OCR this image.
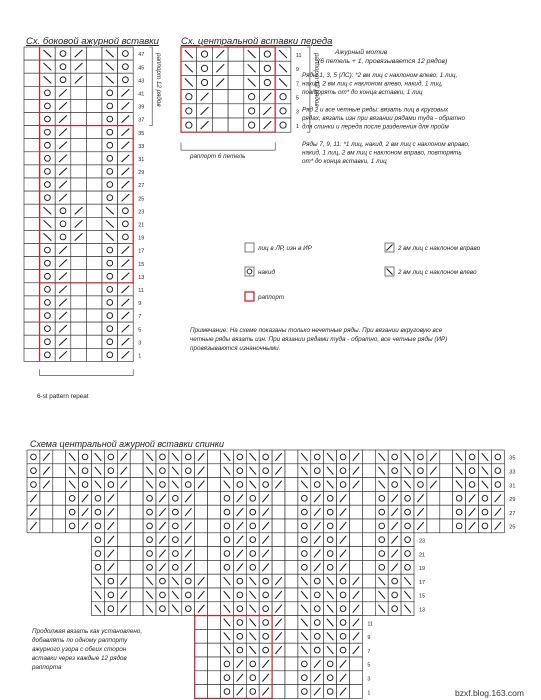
Сх. боковой ажурной вставки Сх. центральной вставки переда
6-st pattern repeat
раппорт 6 петель
Схема центральной ажурной вставки спинки
Ажурный мотив
(6 петель + 1, провязывается 12 рядов)
Ряды 1, 3, 5 (ЛС): *2 вм лиц с наклоном влево, 1 лиц,
накид, 2 вм лиц с наклоном влево, накид, 1 лиц,
повторять от* до конца вставки, 1 лиц
Ряд 2 и все четные ряды: вязать лиц в круговых
рядах, вязать изн при вязании рядами туда - обратно
для спинки и переда после разделения для пройм
Ряды 7, 9, 11: *1 лиц, накид, 2 вм лиц с наклоном вправо,
накид, 1 лиц, 2 вм лиц с наклоном вправо, повторять
от* до конца вставки, 1 лиц
лиц в ЛР, изн в ИР
накид
раппорт
2 вм лиц с наклоном вправо
2 вм лиц с наклоном влево
Примечание: На схеме показаны только нечетные ряды. При вязании вкруговую все
четные ряды вязать изн. При вязании рядами туда - обратно, все четные ряды (ИР)
провязываются изнаночными.
Продолжая вязать как установлено,
добавлять по одному раппорту
ажурного узора с обеих сторон
вставки через каждые 12 рядов
раппорта
bzxf.blog.163.com
47
45
43
41
39
37
35
33
31
29
27
25
23
21
19
17
15
13
11
9
7
5
3
1
раппорт 12 рядов	11
9
7
5
3
1
раппорт 12 рядов
35
33
31
29
27
25
23
21
19
17
15
13
11
9
7
5
3
1
